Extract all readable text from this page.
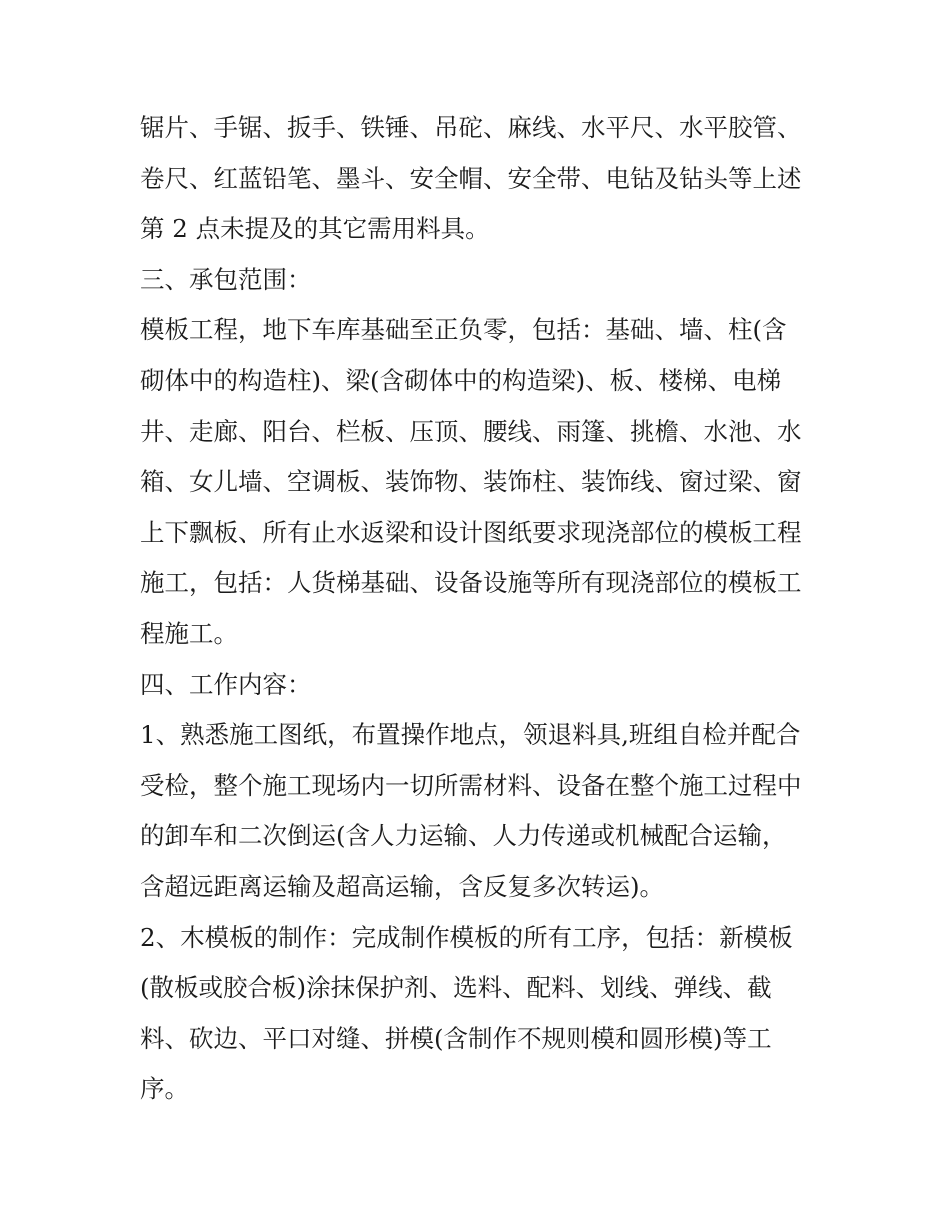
锯片、手锯、扳手、铁锤、吊砣、麻线、水平尺、水平胶管、
卷尺、红蓝铅笔、墨斗、安全帽、安全带、电钻及钻头等上述
第 2 点未提及的其它需用料具。
三、承包范围：
模板工程，地下车库基础至正负零，包括：基础、墙、柱(含
砌体中的构造柱)、梁(含砌体中的构造梁)、板、楼梯、电梯
井、走廊、阳台、栏板、压顶、腰线、雨篷、挑檐、水池、水
箱、女儿墙、空调板、装饰物、装饰柱、装饰线、窗过梁、窗
上下飘板、所有止水返梁和设计图纸要求现浇部位的模板工程
施工，包括：人货梯基础、设备设施等所有现浇部位的模板工
程施工。
四、工作内容：
1、熟悉施工图纸，布置操作地点，领退料具,班组自检并配合
受检，整个施工现场内一切所需材料、设备在整个施工过程中
的卸车和二次倒运(含人力运输、人力传递或机械配合运输，
含超远距离运输及超高运输，含反复多次转运)。
2、木模板的制作：完成制作模板的所有工序，包括：新模板
(散板或胶合板)涂抹保护剂、选料、配料、划线、弹线、截
料、砍边、平口对缝、拼模(含制作不规则模和圆形模)等工
序。
